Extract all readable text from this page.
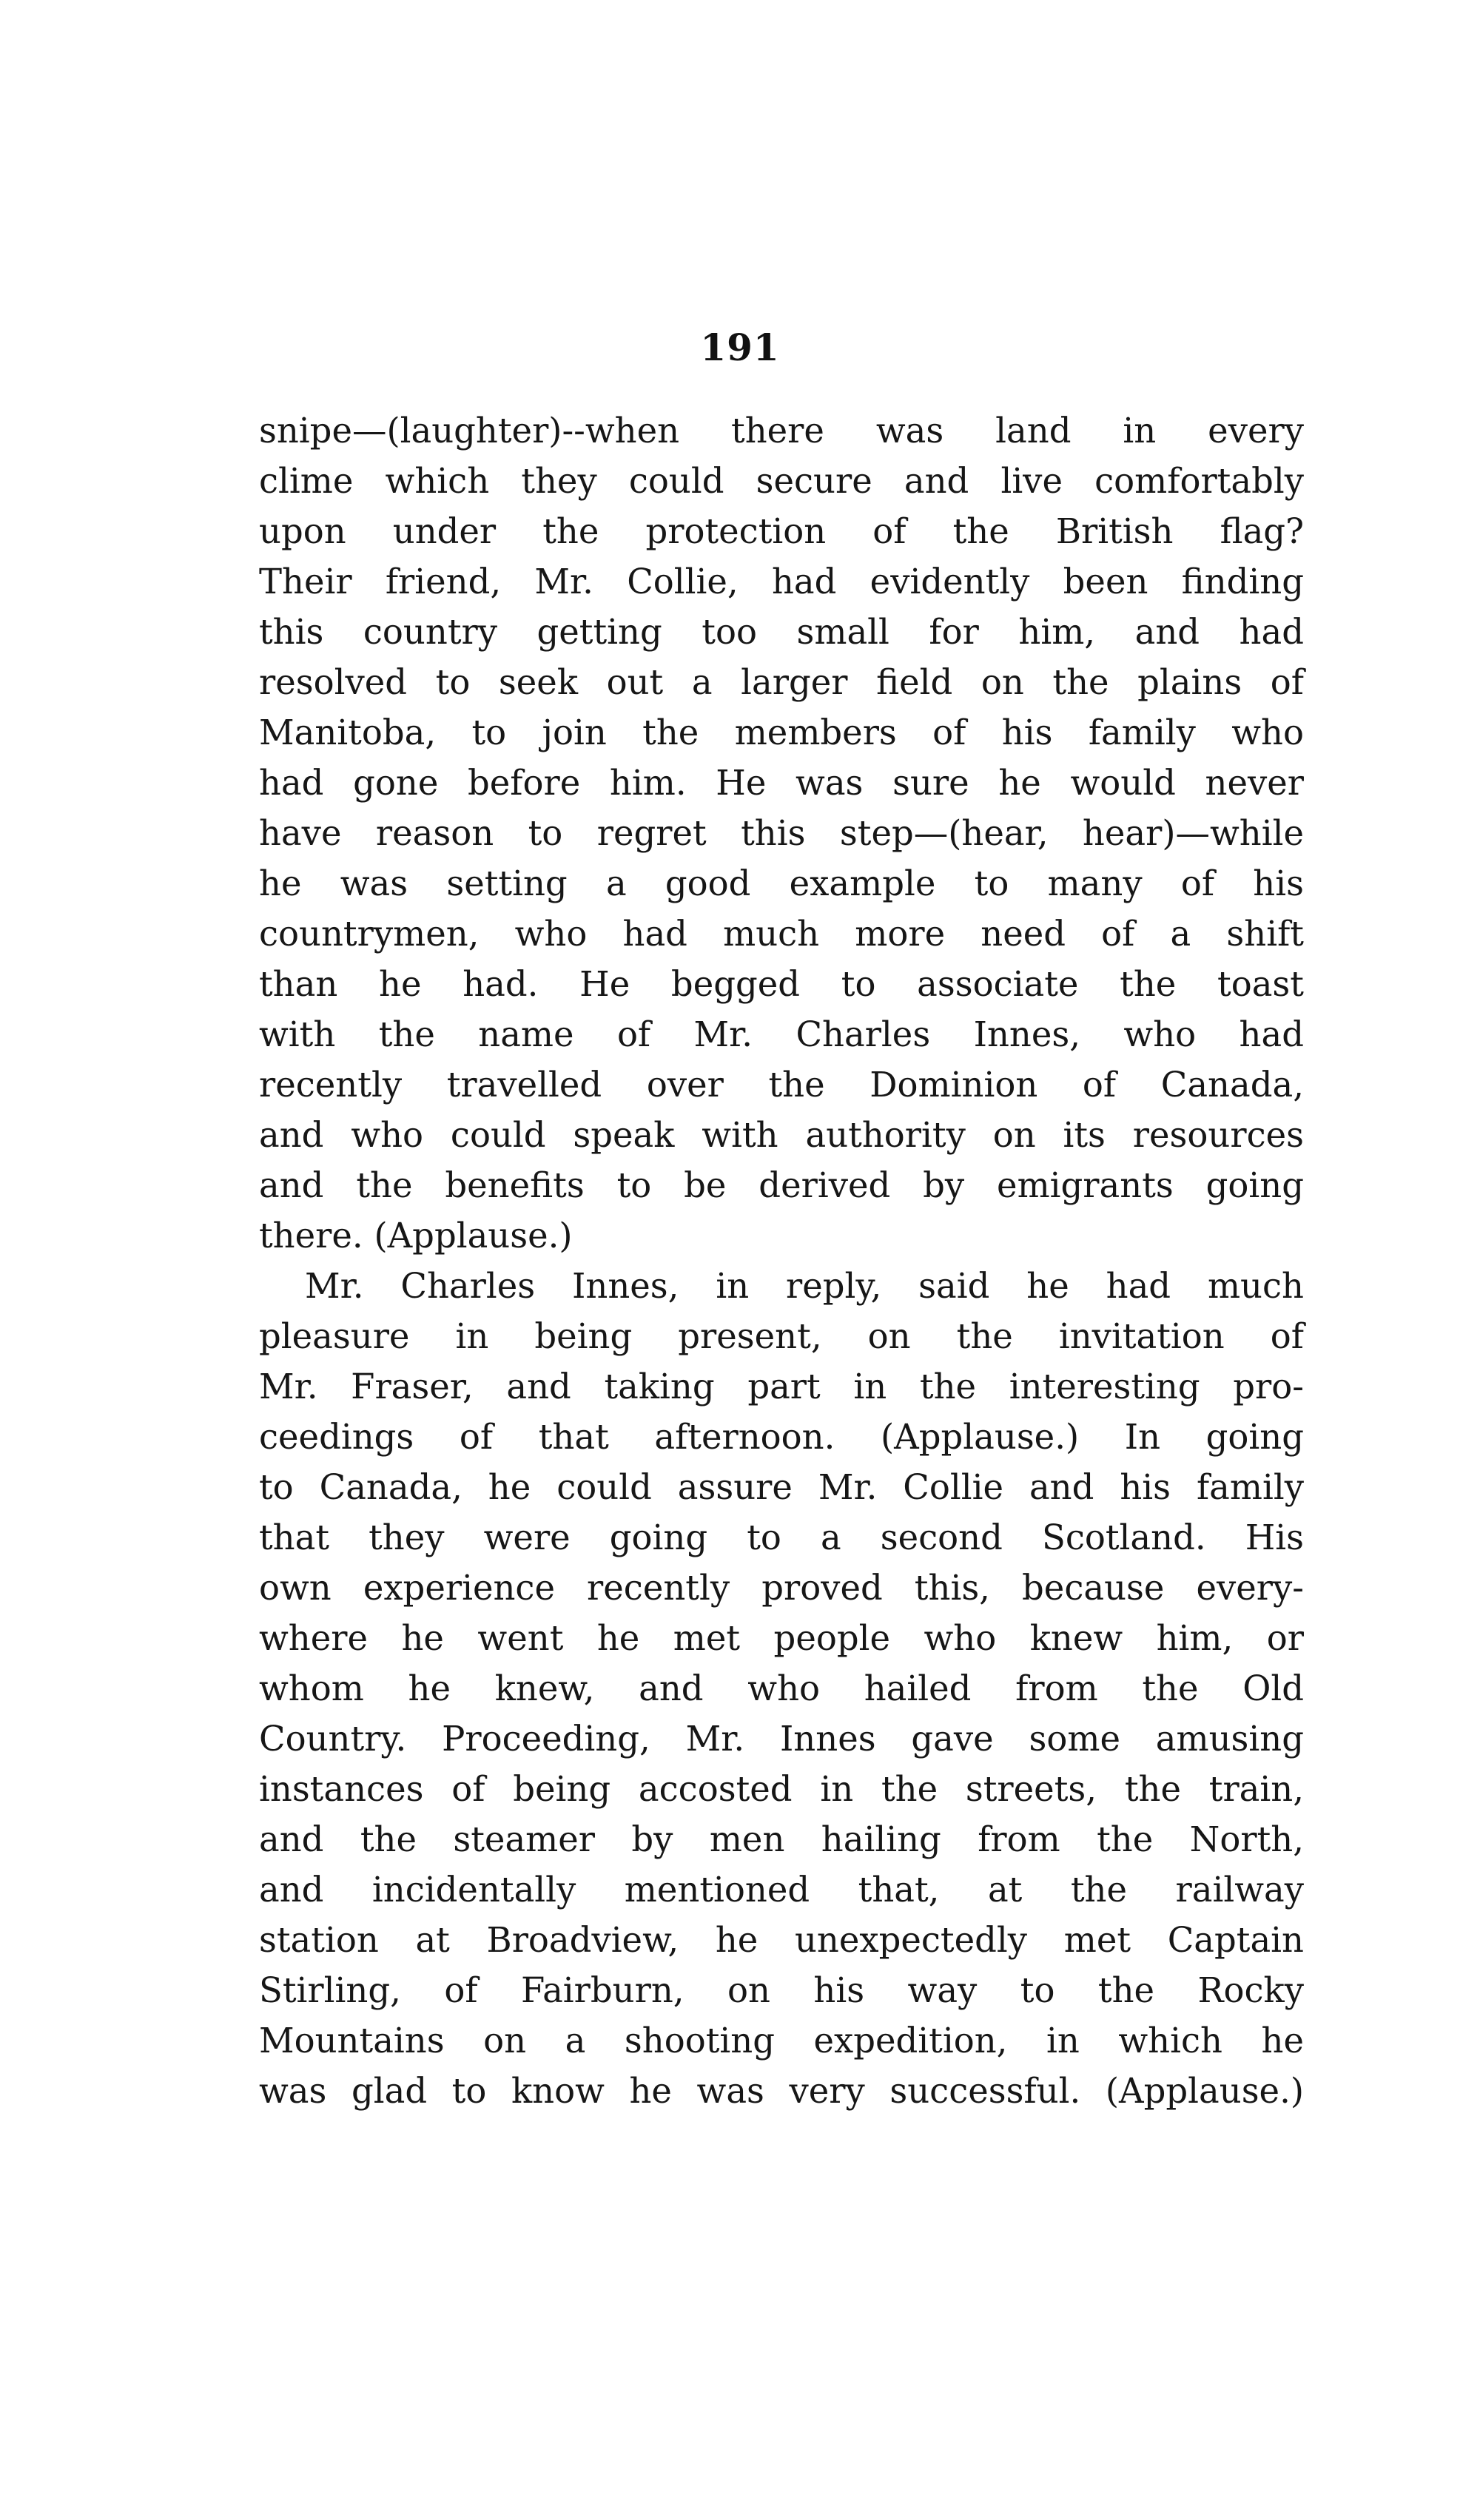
191
snipe—(laughter)--when there was land in every
clime which they could secure and live comfortably
upon under the protection of the British flag?
Their friend, Mr. Collie, had evidently been finding
this country getting too small for him, and had
resolved to seek out a larger field on the plains of
Manitoba, to join the members of his family who
had gone before him. He was sure he would never
have reason to regret this step—(hear, hear)—while
he was setting a good example to many of his
countrymen, who had much more need of a shift
than he had. He begged to associate the toast
with the name of Mr. Charles Innes, who had
recently travelled over the Dominion of Canada,
and who could speak with authority on its resources
and the benefits to be derived by emigrants going
there. (Applause.)
Mr. Charles Innes, in reply, said he had much
pleasure in being present, on the invitation of
Mr. Fraser, and taking part in the interesting pro-
ceedings of that afternoon. (Applause.) In going
to Canada, he could assure Mr. Collie and his family
that they were going to a second Scotland. His
own experience recently proved this, because every-
where he went he met people who knew him, or
whom he knew, and who hailed from the Old
Country. Proceeding, Mr. Innes gave some amusing
instances of being accosted in the streets, the train,
and the steamer by men hailing from the North,
and incidentally mentioned that, at the railway
station at Broadview, he unexpectedly met Captain
Stirling, of Fairburn, on his way to the Rocky
Mountains on a shooting expedition, in which he
was glad to know he was very successful. (Applause.)
